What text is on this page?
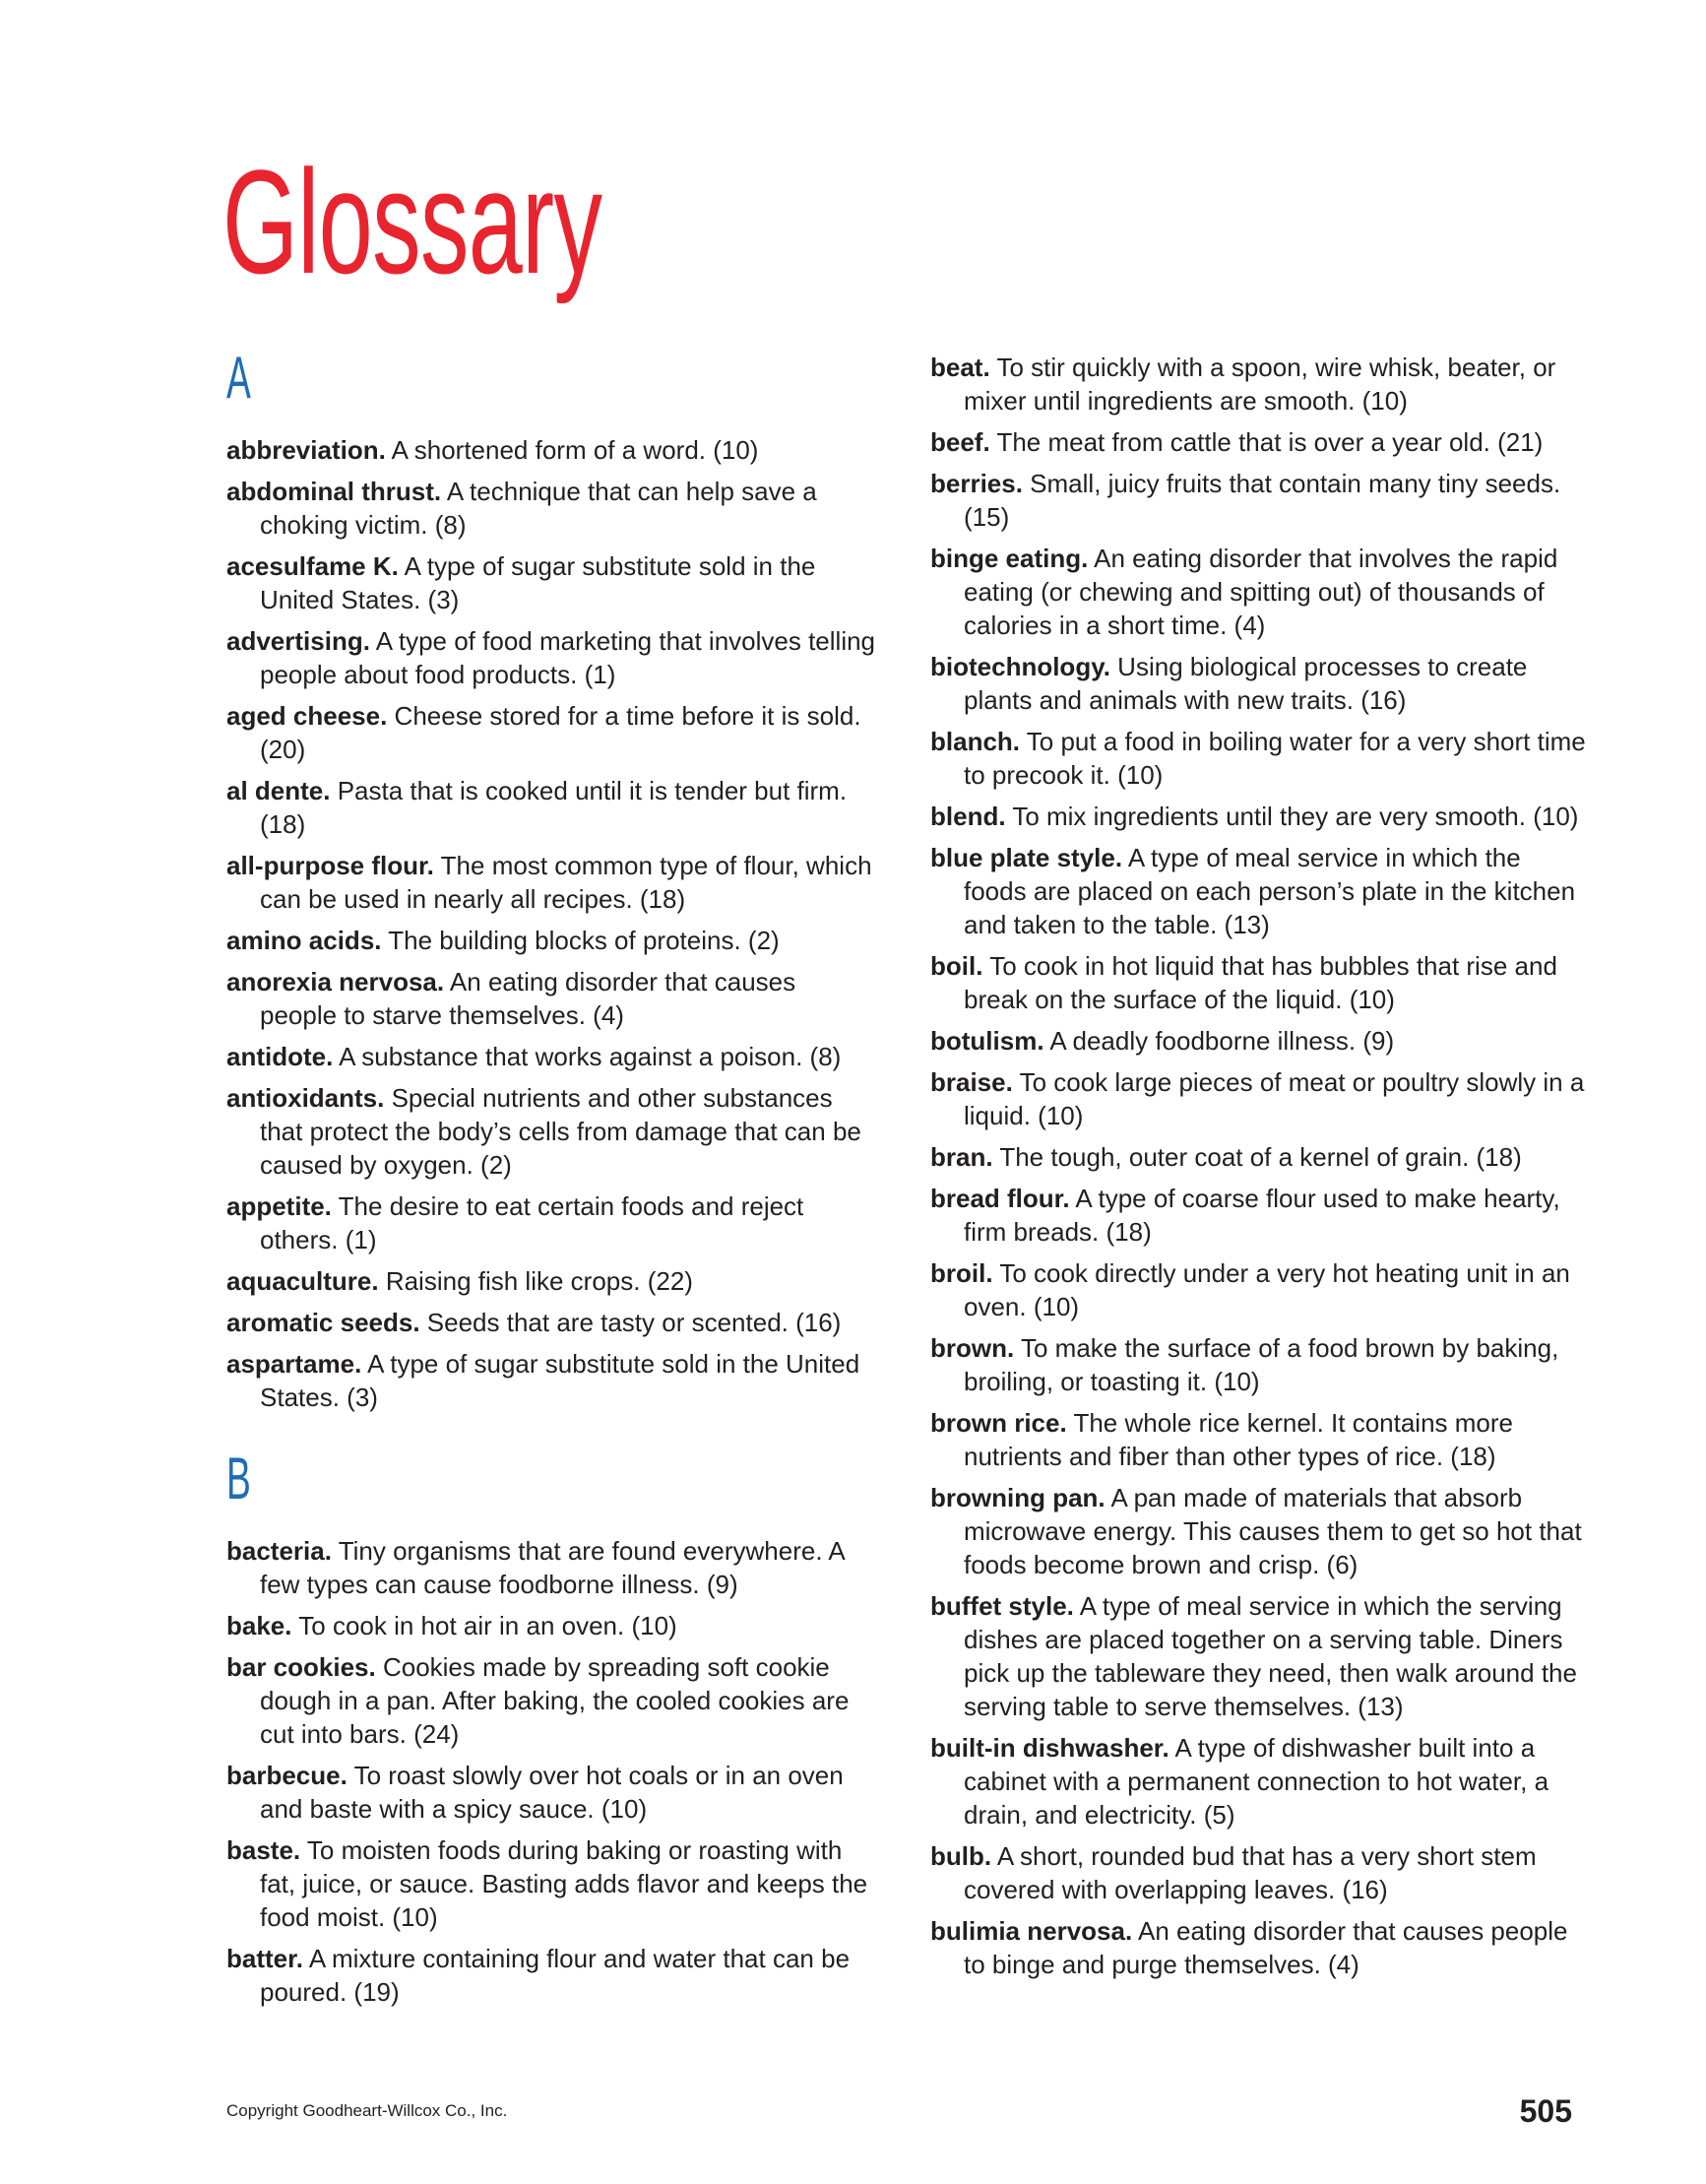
Glossary
A
abbreviation. A shortened form of a word. (10)
abdominal thrust. A technique that can help save a choking victim. (8)
acesulfame K. A type of sugar substitute sold in the United States. (3)
advertising. A type of food marketing that involves telling people about food products. (1)
aged cheese. Cheese stored for a time before it is sold. (20)
al dente. Pasta that is cooked until it is tender but firm. (18)
all-purpose flour. The most common type of flour, which can be used in nearly all recipes. (18)
amino acids. The building blocks of proteins. (2)
anorexia nervosa. An eating disorder that causes people to starve themselves. (4)
antidote. A substance that works against a poison. (8)
antioxidants. Special nutrients and other substances that protect the body’s cells from damage that can be caused by oxygen. (2)
appetite. The desire to eat certain foods and reject others. (1)
aquaculture. Raising fish like crops. (22)
aromatic seeds. Seeds that are tasty or scented. (16)
aspartame. A type of sugar substitute sold in the United States. (3)
B
bacteria. Tiny organisms that are found everywhere. A few types can cause foodborne illness. (9)
bake. To cook in hot air in an oven. (10)
bar cookies. Cookies made by spreading soft cookie dough in a pan. After baking, the cooled cookies are cut into bars. (24)
barbecue. To roast slowly over hot coals or in an oven and baste with a spicy sauce. (10)
baste. To moisten foods during baking or roasting with fat, juice, or sauce. Basting adds flavor and keeps the food moist. (10)
batter. A mixture containing flour and water that can be poured. (19)
beat. To stir quickly with a spoon, wire whisk, beater, or mixer until ingredients are smooth. (10)
beef. The meat from cattle that is over a year old. (21)
berries. Small, juicy fruits that contain many tiny seeds. (15)
binge eating. An eating disorder that involves the rapid eating (or chewing and spitting out) of thousands of calories in a short time. (4)
biotechnology. Using biological processes to create plants and animals with new traits. (16)
blanch. To put a food in boiling water for a very short time to precook it. (10)
blend. To mix ingredients until they are very smooth. (10)
blue plate style. A type of meal service in which the foods are placed on each person’s plate in the kitchen and taken to the table. (13)
boil. To cook in hot liquid that has bubbles that rise and break on the surface of the liquid. (10)
botulism. A deadly foodborne illness. (9)
braise. To cook large pieces of meat or poultry slowly in a liquid. (10)
bran. The tough, outer coat of a kernel of grain. (18)
bread flour. A type of coarse flour used to make hearty, firm breads. (18)
broil. To cook directly under a very hot heating unit in an oven. (10)
brown. To make the surface of a food brown by baking, broiling, or toasting it. (10)
brown rice. The whole rice kernel. It contains more nutrients and fiber than other types of rice. (18)
browning pan. A pan made of materials that absorb microwave energy. This causes them to get so hot that foods become brown and crisp. (6)
buffet style. A type of meal service in which the serving dishes are placed together on a serving table. Diners pick up the tableware they need, then walk around the serving table to serve themselves. (13)
built-in dishwasher. A type of dishwasher built into a cabinet with a permanent connection to hot water, a drain, and electricity. (5)
bulb. A short, rounded bud that has a very short stem covered with overlapping leaves. (16)
bulimia nervosa. An eating disorder that causes people to binge and purge themselves. (4)
Copyright Goodheart-Willcox Co., Inc.	505
